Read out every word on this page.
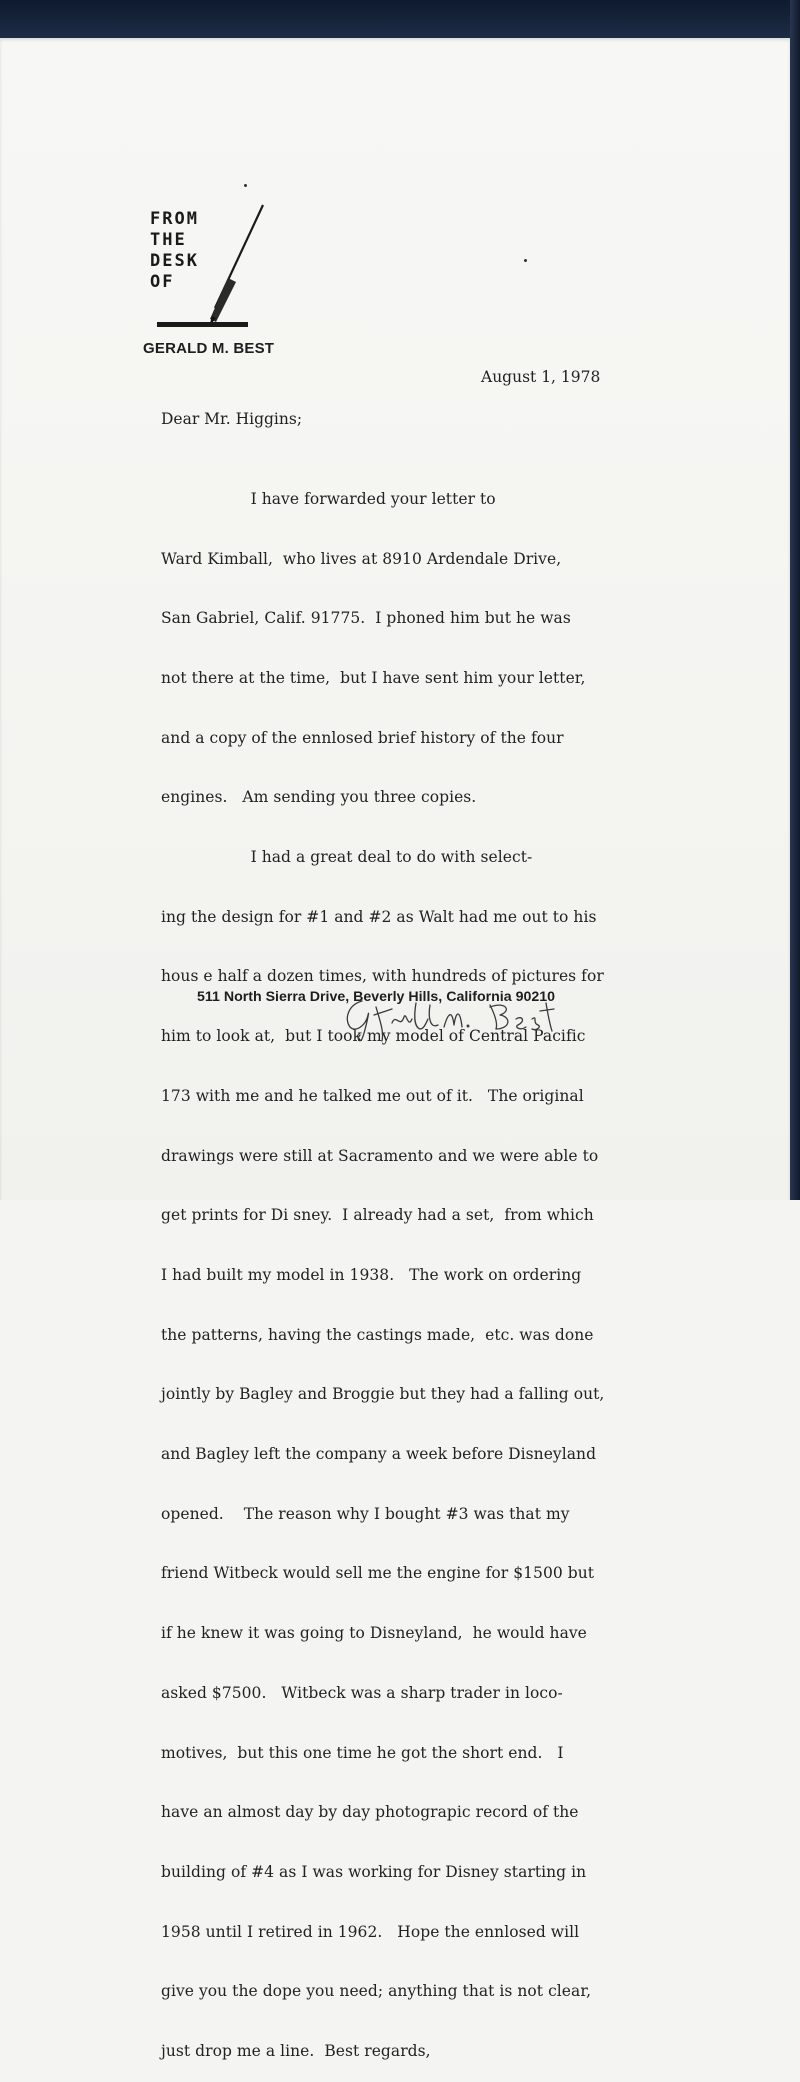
FROM
THE
DESK
OF
GERALD M. BEST
August 1, 1978
Dear Mr. Higgins;

I have forwarded your letter to

Ward Kimball,  who lives at 8910 Ardendale Drive,

San Gabriel, Calif. 91775.  I phoned him but he was

not there at the time,  but I have sent him your letter,

and a copy of the ennlosed brief history of the four

engines.   Am sending you three copies.

I had a great deal to do with select-

ing the design for #1 and #2 as Walt had me out to his

hous e half a dozen times, with hundreds of pictures for

him to look at,  but I took my model of Central Pacific

173 with me and he talked me out of it.   The original

drawings were still at Sacramento and we were able to

get prints for Di sney.  I already had a set,  from which

I had built my model in 1938.   The work on ordering

the patterns, having the castings made,  etc. was done

jointly by Bagley and Broggie but they had a falling out,

and Bagley left the company a week before Disneyland

opened.    The reason why I bought #3 was that my

friend Witbeck would sell me the engine for $1500 but

if he knew it was going to Disneyland,  he would have

asked $7500.   Witbeck was a sharp trader in loco-

motives,  but this one time he got the short end.   I

have an almost day by day photograpic record of the

building of #4 as I was working for Disney starting in

1958 until I retired in 1962.   Hope the ennlosed will

give you the dope you need; anything that is not clear,

just drop me a line.  Best regards,

511 North Sierra Drive, Beverly Hills, California 90210
